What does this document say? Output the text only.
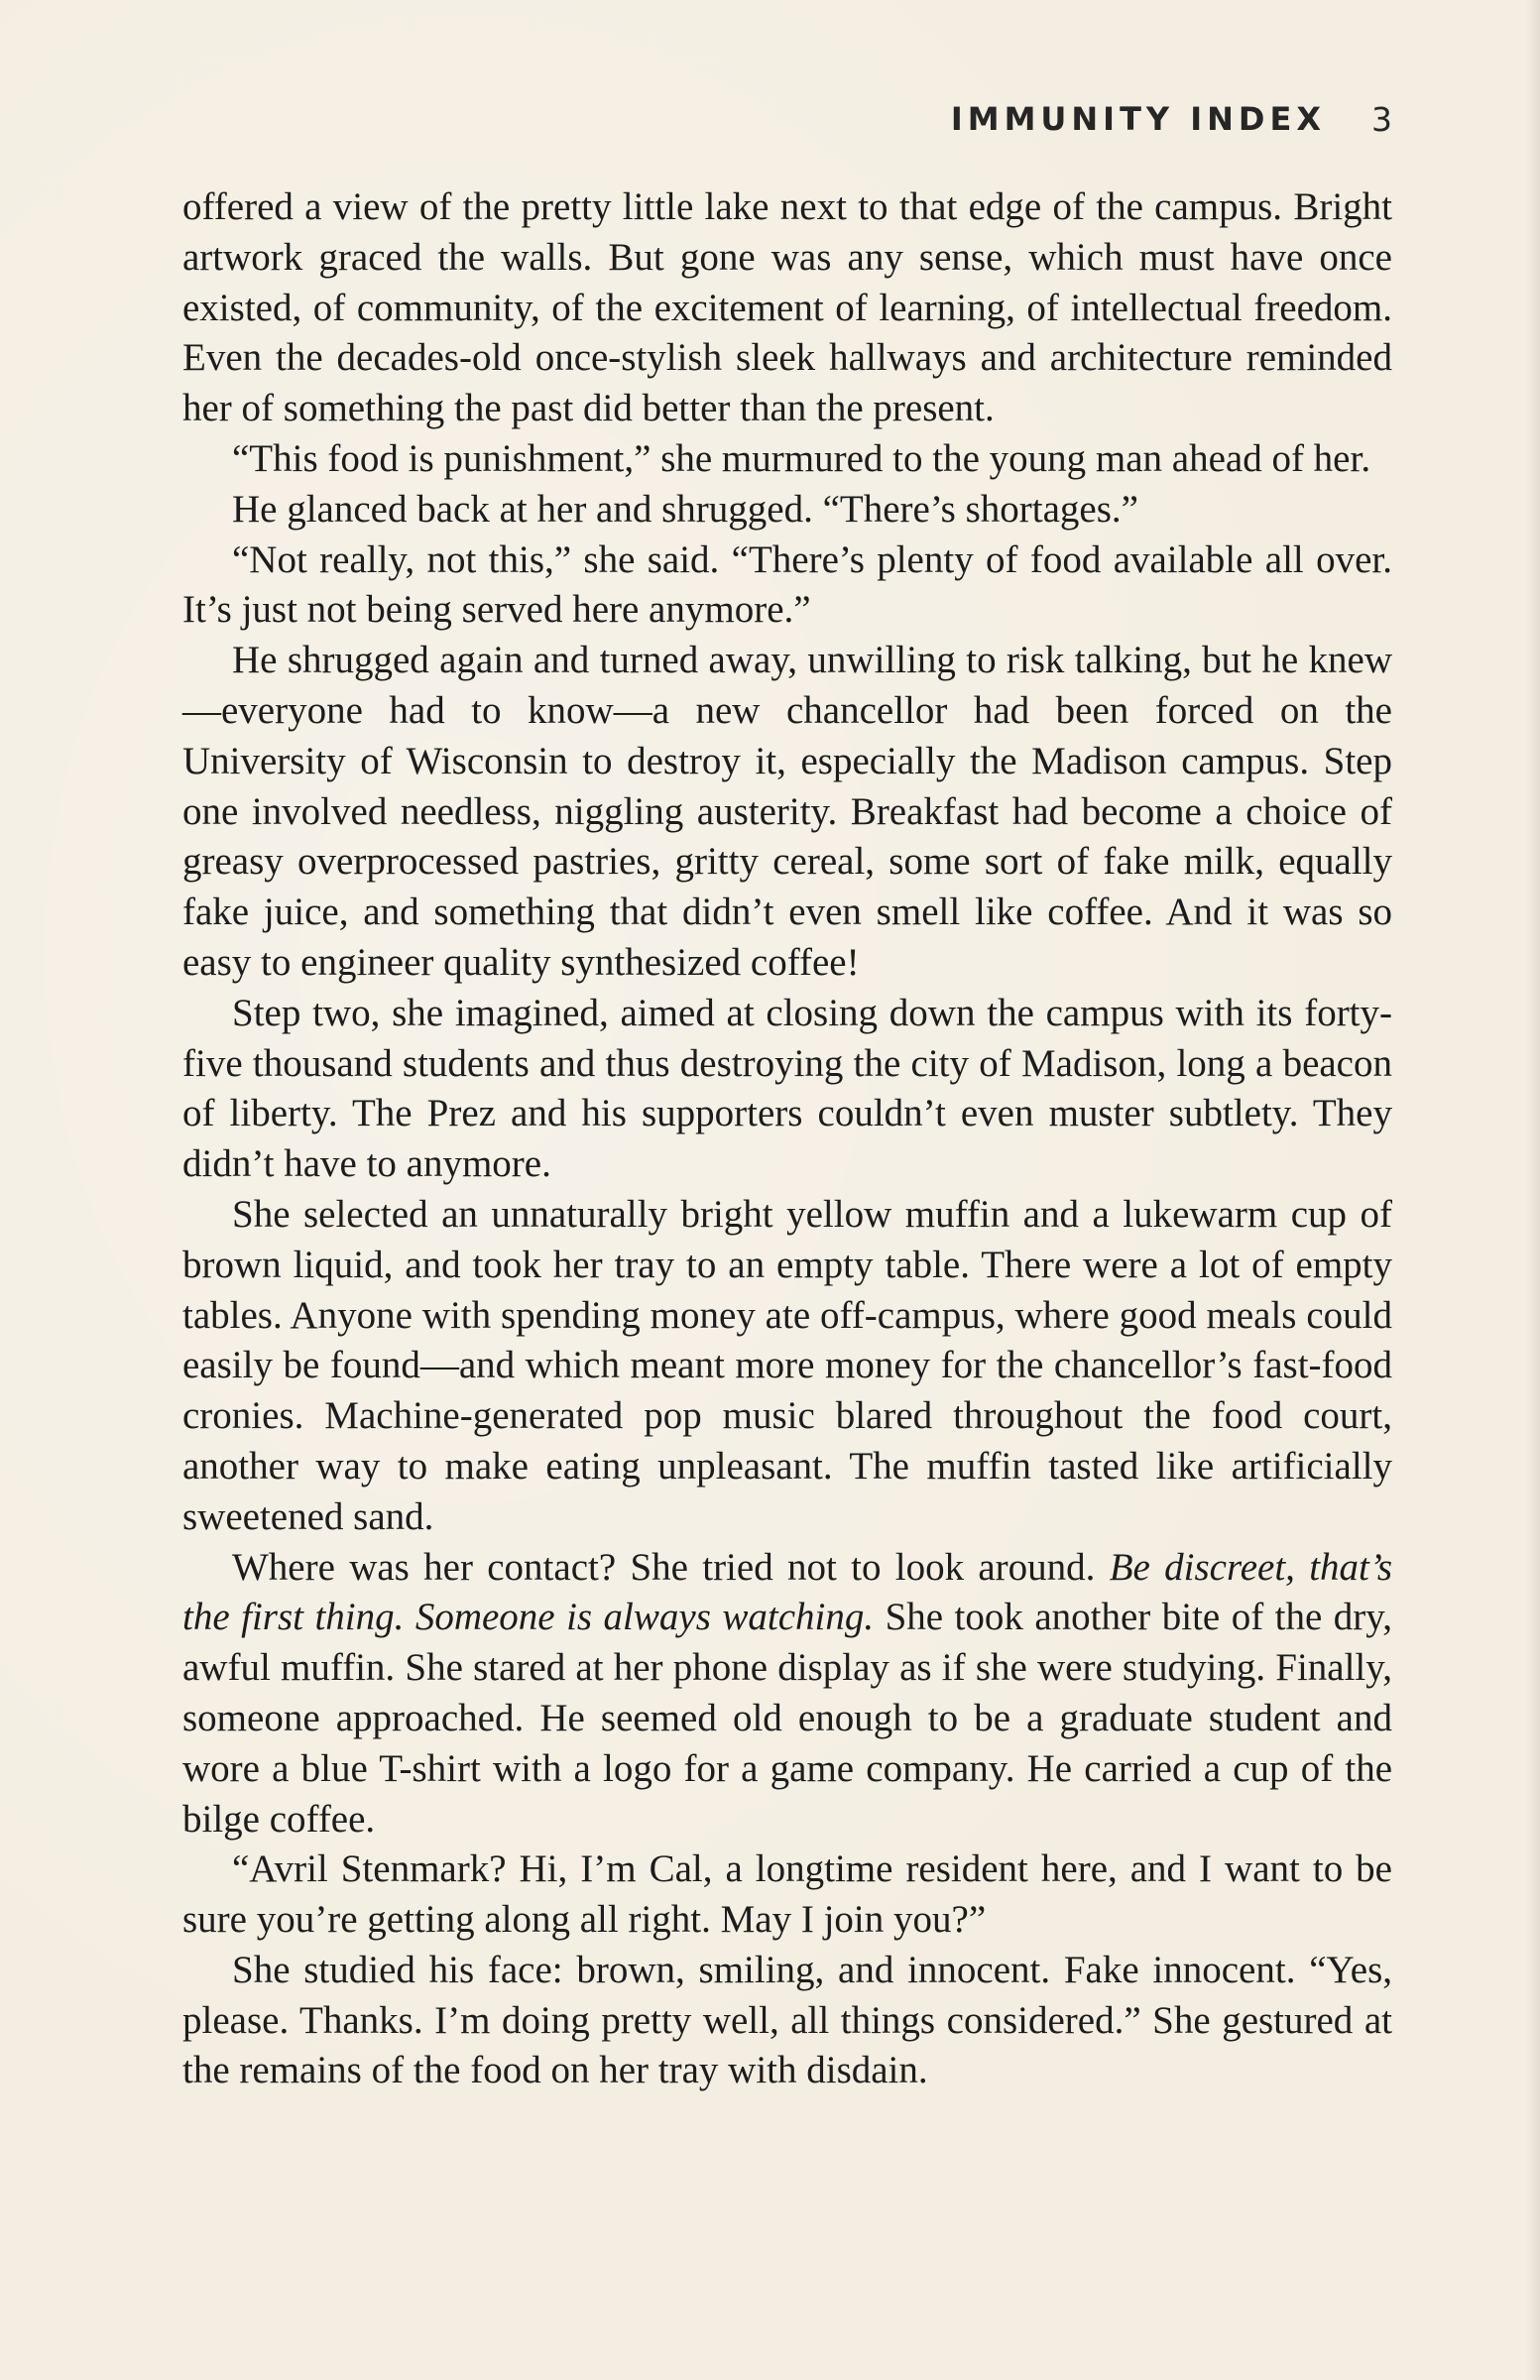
IMMUNITY INDEX 3

offered a view of the pretty little lake next to that edge of the campus. Bright artwork graced the walls. But gone was any sense, which must have once existed, of community, of the excitement of learning, of intellectual freedom. Even the decades-old once-stylish sleek hallways and architecture reminded her of something the past did better than the present.

“This food is punishment,” she murmured to the young man ahead of her.

He glanced back at her and shrugged. “There’s shortages.”

“Not really, not this,” she said. “There’s plenty of food available all over. It’s just not being served here anymore.”

He shrugged again and turned away, unwilling to risk talking, but he knew—everyone had to know—a new chancellor had been forced on the University of Wisconsin to destroy it, especially the Madison campus. Step one involved needless, niggling austerity. Breakfast had become a choice of greasy overprocessed pastries, gritty cereal, some sort of fake milk, equally fake juice, and something that didn’t even smell like coffee. And it was so easy to engineer quality synthesized coffee!

Step two, she imagined, aimed at closing down the campus with its forty-five thousand students and thus destroying the city of Madison, long a beacon of liberty. The Prez and his supporters couldn’t even muster subtlety. They didn’t have to anymore.

She selected an unnaturally bright yellow muffin and a lukewarm cup of brown liquid, and took her tray to an empty table. There were a lot of empty tables. Anyone with spending money ate off-campus, where good meals could easily be found—and which meant more money for the chancellor’s fast-food cronies. Machine-generated pop music blared throughout the food court, another way to make eating unpleasant. The muffin tasted like artificially sweetened sand.

Where was her contact? She tried not to look around. Be discreet, that’s the first thing. Someone is always watching. She took another bite of the dry, awful muffin. She stared at her phone display as if she were studying. Finally, someone approached. He seemed old enough to be a graduate student and wore a blue T-shirt with a logo for a game company. He carried a cup of the bilge coffee.

“Avril Stenmark? Hi, I’m Cal, a longtime resident here, and I want to be sure you’re getting along all right. May I join you?”

She studied his face: brown, smiling, and innocent. Fake innocent. “Yes, please. Thanks. I’m doing pretty well, all things considered.” She gestured at the remains of the food on her tray with disdain.
